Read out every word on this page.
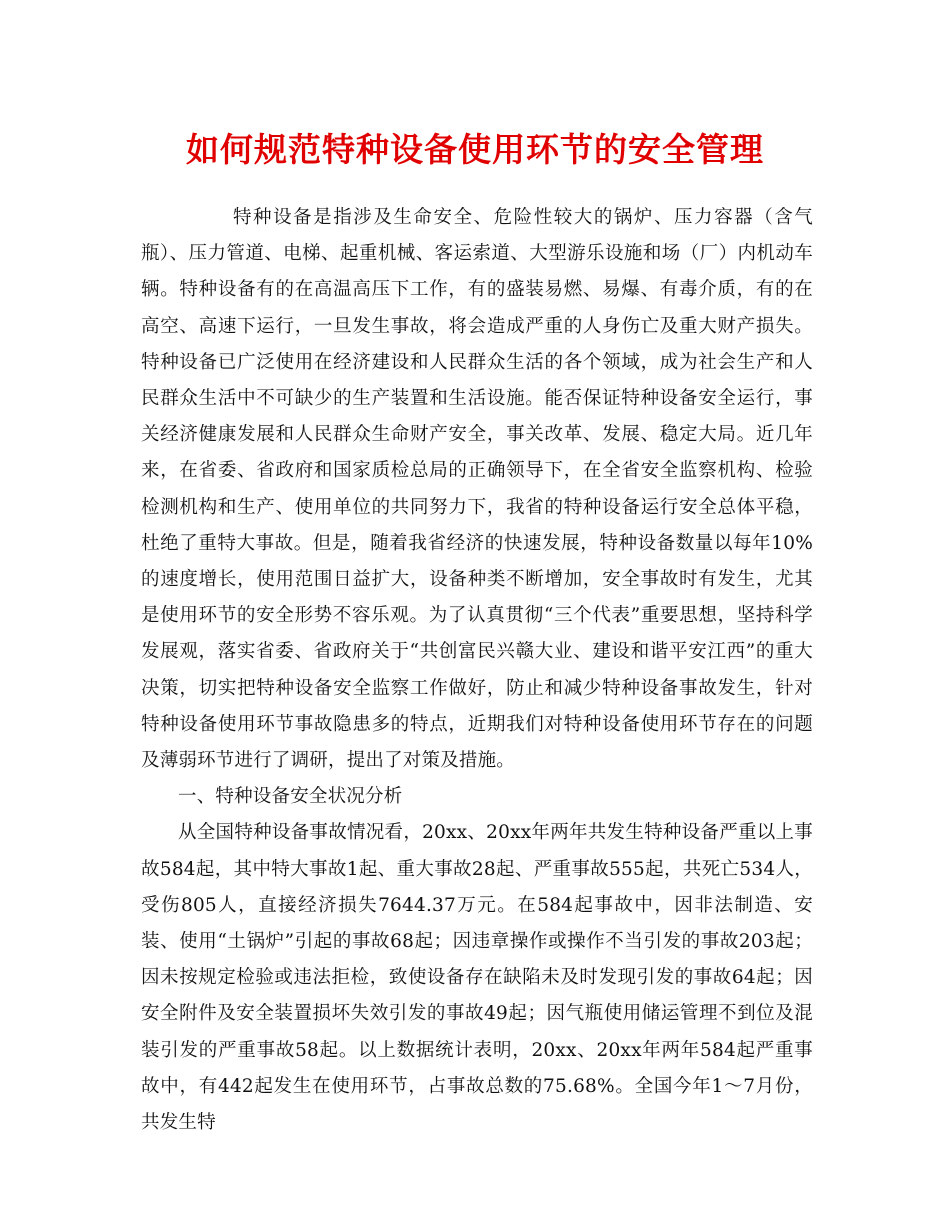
如何规范特种设备使用环节的安全管理

特种设备是指涉及生命安全、危险性较大的锅炉、压力容器（含气瓶）、压力管道、电梯、起重机械、客运索道、大型游乐设施和场（厂）内机动车辆。特种设备有的在高温高压下工作，有的盛装易燃、易爆、有毒介质，有的在高空、高速下运行，一旦发生事故，将会造成严重的人身伤亡及重大财产损失。特种设备已广泛使用在经济建设和人民群众生活的各个领域，成为社会生产和人民群众生活中不可缺少的生产装置和生活设施。能否保证特种设备安全运行，事关经济健康发展和人民群众生命财产安全，事关改革、发展、稳定大局。近几年来，在省委、省政府和国家质检总局的正确领导下，在全省安全监察机构、检验检测机构和生产、使用单位的共同努力下，我省的特种设备运行安全总体平稳，杜绝了重特大事故。但是，随着我省经济的快速发展，特种设备数量以每年10%的速度增长，使用范围日益扩大，设备种类不断增加，安全事故时有发生，尤其是使用环节的安全形势不容乐观。为了认真贯彻“三个代表”重要思想，坚持科学发展观，落实省委、省政府关于“共创富民兴赣大业、建设和谐平安江西”的重大决策，切实把特种设备安全监察工作做好，防止和减少特种设备事故发生，针对特种设备使用环节事故隐患多的特点，近期我们对特种设备使用环节存在的问题及薄弱环节进行了调研，提出了对策及措施。

一、特种设备安全状况分析

从全国特种设备事故情况看，20xx、20xx年两年共发生特种设备严重以上事故584起，其中特大事故1起、重大事故28起、严重事故555起，共死亡534人，受伤805人，直接经济损失7644.37万元。在584起事故中，因非法制造、安装、使用“土锅炉”引起的事故68起；因违章操作或操作不当引发的事故203起；因未按规定检验或违法拒检，致使设备存在缺陷未及时发现引发的事故64起；因安全附件及安全装置损坏失效引发的事故49起；因气瓶使用储运管理不到位及混装引发的严重事故58起。以上数据统计表明，20xx、20xx年两年584起严重事故中，有442起发生在使用环节，占事故总数的75.68%。全国今年1～7月份，共发生特
